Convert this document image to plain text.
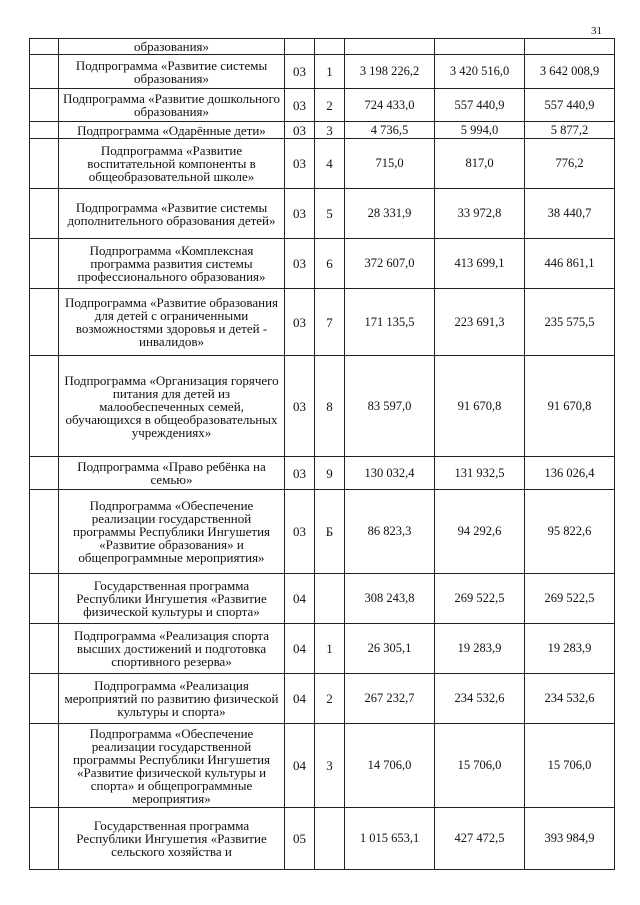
31
	образования»					
	Подпрограмма «Развитие системы образования»	03	1	3 198 226,2	3 420 516,0	3 642 008,9
	Подпрограмма «Развитие дошкольного образования»	03	2	724 433,0	557 440,9	557 440,9
	Подпрограмма «Одарённые дети»	03	3	4 736,5	5 994,0	5 877,2
	Подпрограмма «Развитие воспитательной компоненты в общеобразовательной школе»	03	4	715,0	817,0	776,2
	Подпрограмма «Развитие системы дополнительного образования детей»	03	5	28 331,9	33 972,8	38 440,7
	Подпрограмма «Комплексная программа развития системы профессионального образования»	03	6	372 607,0	413 699,1	446 861,1
	Подпрограмма «Развитие образования для детей с ограниченными возможностями здоровья и детей - инвалидов»	03	7	171 135,5	223 691,3	235 575,5
	Подпрограмма «Организация горячего питания для детей из малообеспеченных семей, обучающихся в общеобразовательных учреждениях»	03	8	83 597,0	91 670,8	91 670,8
	Подпрограмма «Право ребёнка на семью»	03	9	130 032,4	131 932,5	136 026,4
	Подпрограмма «Обеспечение реализации государственной программы Республики Ингушетия «Развитие образования» и общепрограммные мероприятия»	03	Б	86 823,3	94 292,6	95 822,6
	Государственная программа Республики Ингушетия «Развитие физической культуры и спорта»	04		308 243,8	269 522,5	269 522,5
	Подпрограмма «Реализация спорта высших достижений и подготовка спортивного резерва»	04	1	26 305,1	19 283,9	19 283,9
	Подпрограмма «Реализация мероприятий по развитию физической культуры и спорта»	04	2	267 232,7	234 532,6	234 532,6
	Подпрограмма «Обеспечение реализации государственной программы Республики Ингушетия «Развитие физической культуры и спорта» и общепрограммные мероприятия»	04	3	14 706,0	15 706,0	15 706,0
	Государственная программа Республики Ингушетия «Развитие сельского хозяйства и	05		1 015 653,1	427 472,5	393 984,9
